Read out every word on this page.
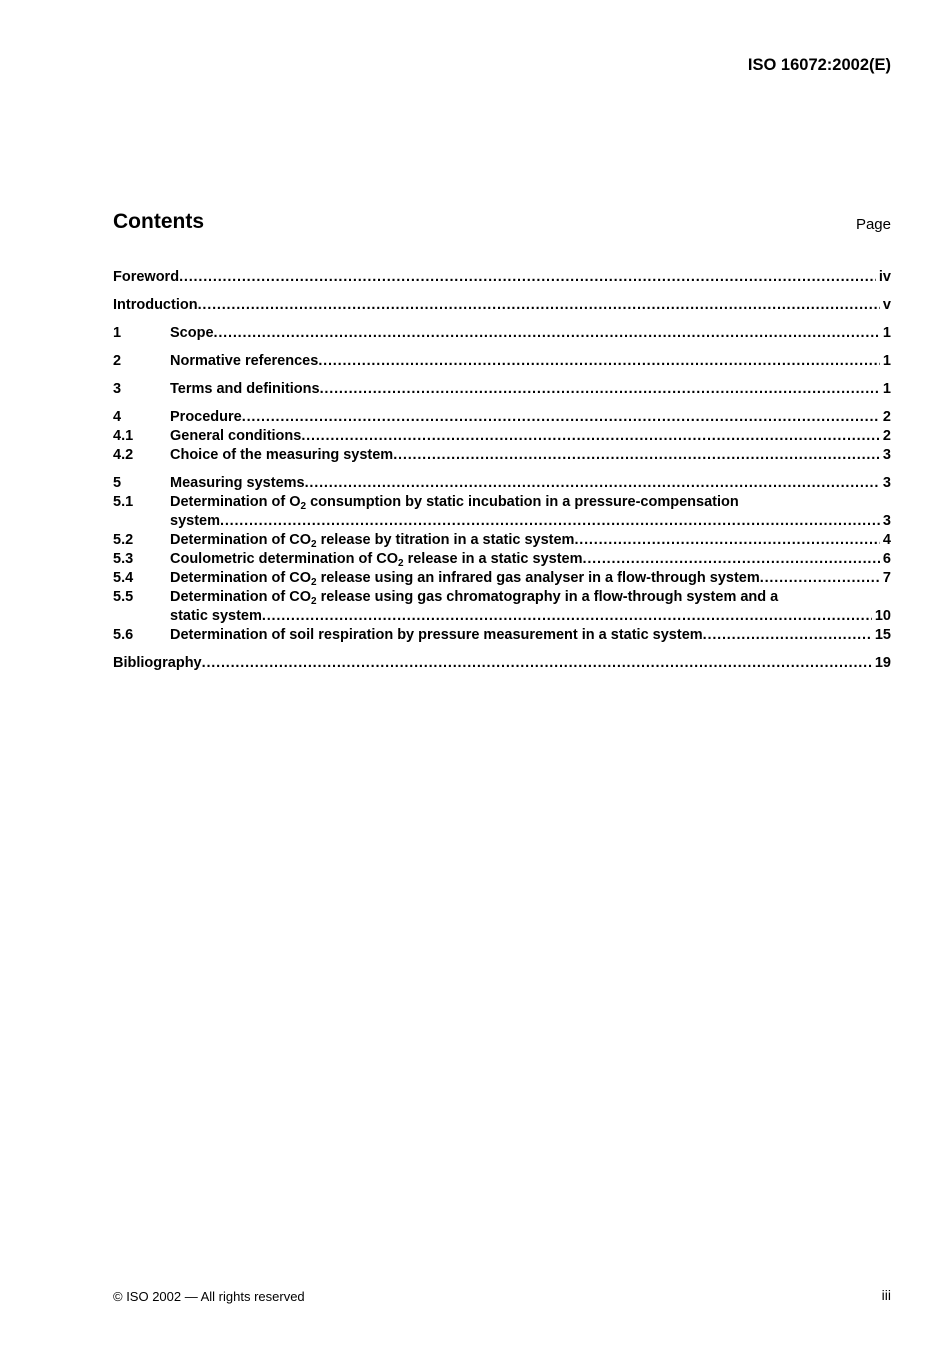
ISO 16072:2002(E)
Contents	Page
Foreword .....	iv
Introduction .....	v
1	Scope .....	1
2	Normative references .....	1
3	Terms and definitions .....	1
4	Procedure .....	2
4.1	General conditions .....	2
4.2	Choice of the measuring system .....	3
5	Measuring systems .....	3
5.1	Determination of $O_2$ consumption by static incubation in a pressure-compensation
system .....	3
5.2	Determination of $CO_2$ release by titration in a static system .....	4
5.3	Coulometric determination of $CO_2$ release in a static system .....	6
5.4	Determination of $CO_2$ release using an infrared gas analyser in a flow-through system .....	7
5.5	Determination of $CO_2$ release using gas chromatography in a flow-through system and a
static system .....	10
5.6	Determination of soil respiration by pressure measurement in a static system .....	15
Bibliography .....	19
© ISO 2002 — All rights reserved	iii
